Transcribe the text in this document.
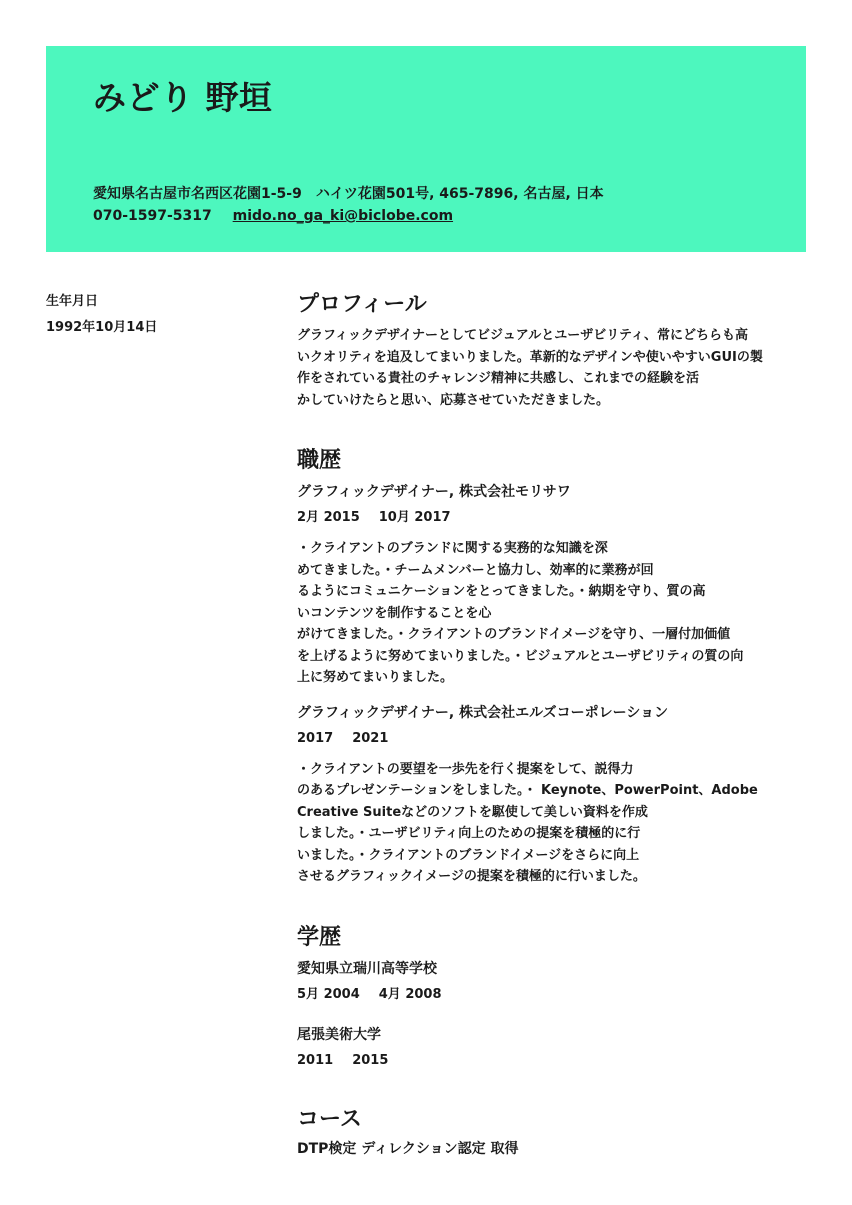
みどり 野垣
愛知県名古屋市名西区花園1-5-9　ハイツ花園501号, 465-7896, 名古屋, 日本
070-1597-5317 mido.no_ga_ki@biclobe.com
生年月日
1992年10月14日
プロフィール

グラフィックデザイナーとしてビジュアルとユーザビリティ、常にどちらも高
いクオリティを追及してまいりました。革新的なデザインや使いやすいGUIの製
作をされている貴社のチャレンジ精神に共感し、これまでの経験を活
かしていけたらと思い、応募させていただきました。

職歴
グラフィックデザイナー, 株式会社モリサワ
2月 2015 10月 2017

・クライアントのブランドに関する実務的な知識を深
めてきました。・チームメンバーと協力し、効率的に業務が回
るようにコミュニケーションをとってきました。・納期を守り、質の高
いコンテンツを制作することを心
がけてきました。・クライアントのブランドイメージを守り、一層付加価値
を上げるように努めてまいりました。・ビジュアルとユーザビリティの質の向
上に努めてまいりました。

グラフィックデザイナー, 株式会社エルズコーポレーション
2017 2021

・クライアントの要望を一歩先を行く提案をして、説得力
のあるプレゼンテーションをしました。・ Keynote、PowerPoint、Adobe
Creative Suiteなどのソフトを駆使して美しい資料を作成
しました。・ユーザビリティ向上のための提案を積極的に行
いました。・クライアントのブランドイメージをさらに向上
させるグラフィックイメージの提案を積極的に行いました。

学歴
愛知県立瑞川高等学校
5月 2004 4月 2008
尾張美術大学
2011 2015
コース
DTP検定 ディレクション認定 取得
